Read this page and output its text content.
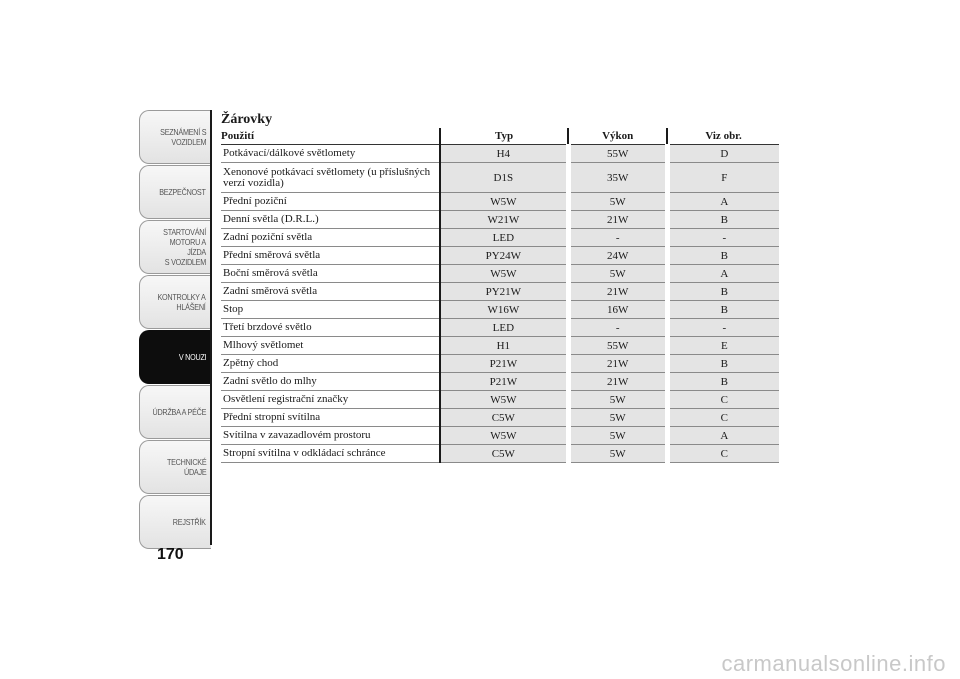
SEZNÁMENÍ S
VOZIDLEM
BEZPEČNOST
STARTOVÁNÍ
MOTORU A JÍZDA
S VOZIDLEM
KONTROLKY A
HLÁŠENÍ
V NOUZI
ÚDRŽBA A PÉČE
TECHNICKÉ
ÚDAJE
REJSTŘÍK
170
Žárovky
Použití	Typ	Výkon	Viz obr.
Potkávací/dálkové světlomety	H4	55W	D
Xenonové potkávací světlomety (u příslušných verzí vozidla)	D1S	35W	F
Přední poziční	W5W	5W	A
Denní světla (D.R.L.)	W21W	21W	B
Zadní poziční světla	LED	-	-
Přední směrová světla	PY24W	24W	B
Boční směrová světla	W5W	5W	A
Zadní směrová světla	PY21W	21W	B
Stop	W16W	16W	B
Třetí brzdové světlo	LED	-	-
Mlhový světlomet	H1	55W	E
Zpětný chod	P21W	21W	B
Zadní světlo do mlhy	P21W	21W	B
Osvětlení registrační značky	W5W	5W	C
Přední stropní svítilna	C5W	5W	C
Svítilna v zavazadlovém prostoru	W5W	5W	A
Stropní svítilna v odkládací schránce	C5W	5W	C
carmanualsonline.info
